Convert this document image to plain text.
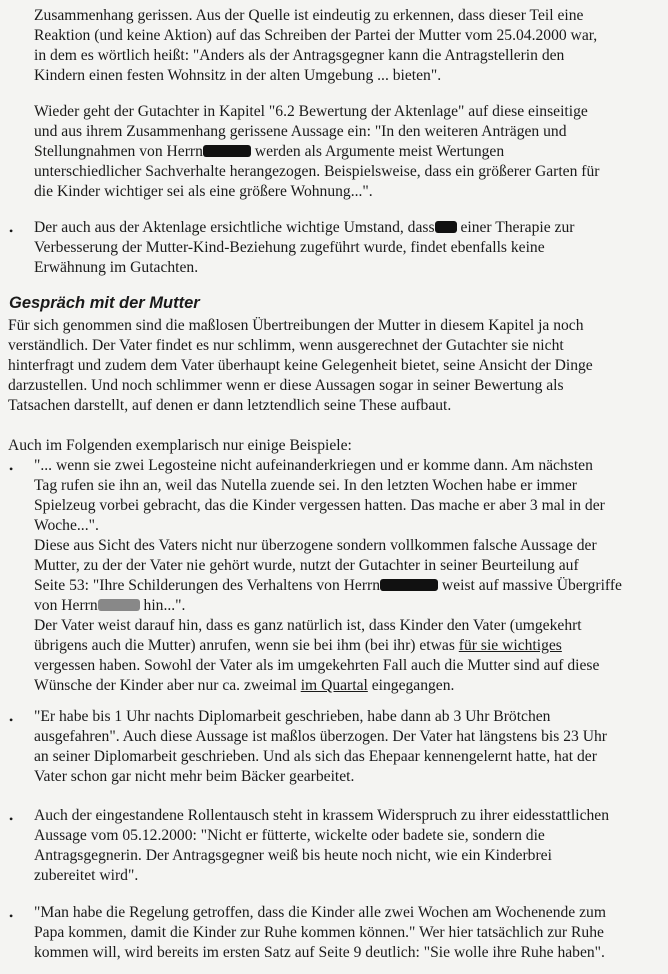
Zusammenhang gerissen. Aus der Quelle ist eindeutig zu erkennen, dass dieser Teil eine
Reaktion (und keine Aktion) auf das Schreiben der Partei der Mutter vom 25.04.2000 war,
in dem es wörtlich heißt: "Anders als der Antragsgegner kann die Antragstellerin den
Kindern einen festen Wohnsitz in der alten Umgebung ... bieten".

Wieder geht der Gutachter in Kapitel "6.2 Bewertung der Aktenlage" auf diese einseitige
und aus ihrem Zusammenhang gerissene Aussage ein: "In den weiteren Anträgen und
Stellungnahmen von Herrn	werden als Argumente meist Wertungen
unterschiedlicher Sachverhalte herangezogen. Beispielsweise, dass ein größerer Garten für
die Kinder wichtiger sei als eine größere Wohnung...".

• Der auch aus der Aktenlage ersichtliche wichtige Umstand, dass einer Therapie zur
Verbesserung der Mutter-Kind-Beziehung zugeführt wurde, findet ebenfalls keine
Erwähnung im Gutachten.

Gespräch mit der Mutter

Für sich genommen sind die maßlosen Übertreibungen der Mutter in diesem Kapitel ja noch
verständlich. Der Vater findet es nur schlimm, wenn ausgerechnet der Gutachter sie nicht
hinterfragt und zudem dem Vater überhaupt keine Gelegenheit bietet, seine Ansicht der Dinge
darzustellen. Und noch schlimmer wenn er diese Aussagen sogar in seiner Bewertung als
Tatsachen darstellt, auf denen er dann letztendlich seine These aufbaut.

Auch im Folgenden exemplarisch nur einige Beispiele:

• "... wenn sie zwei Legosteine nicht aufeinanderkriegen und er komme dann. Am nächsten
Tag rufen sie ihn an, weil das Nutella zuende sei. In den letzten Wochen habe er immer
Spielzeug vorbei gebracht, das die Kinder vergessen hatten. Das mache er aber 3 mal in der
Woche...".
Diese aus Sicht des Vaters nicht nur überzogene sondern vollkommen falsche Aussage der
Mutter, zu der der Vater nie gehört wurde, nutzt der Gutachter in seiner Beurteilung auf
Seite 53: "Ihre Schilderungen des Verhaltens von Herrn	weist auf massive Übergriffe
von Herrn	hin...".
Der Vater weist darauf hin, dass es ganz natürlich ist, dass Kinder den Vater (umgekehrt
übrigens auch die Mutter) anrufen, wenn sie bei ihm (bei ihr) etwas für sie wichtiges
vergessen haben. Sowohl der Vater als im umgekehrten Fall auch die Mutter sind auf diese
Wünsche der Kinder aber nur ca. zweimal im Quartal eingegangen.

• "Er habe bis 1 Uhr nachts Diplomarbeit geschrieben, habe dann ab 3 Uhr Brötchen
ausgefahren". Auch diese Aussage ist maßlos überzogen. Der Vater hat längstens bis 23 Uhr
an seiner Diplomarbeit geschrieben. Und als sich das Ehepaar kennengelernt hatte, hat der
Vater schon gar nicht mehr beim Bäcker gearbeitet.

• Auch der eingestandene Rollentausch steht in krassem Widerspruch zu ihrer eidesstattlichen
Aussage vom 05.12.2000: "Nicht er fütterte, wickelte oder badete sie, sondern die
Antragsgegnerin. Der Antragsgegner weiß bis heute noch nicht, wie ein Kinderbrei
zubereitet wird".

• "Man habe die Regelung getroffen, dass die Kinder alle zwei Wochen am Wochenende zum
Papa kommen, damit die Kinder zur Ruhe kommen können." Wer hier tatsächlich zur Ruhe
kommen will, wird bereits im ersten Satz auf Seite 9 deutlich: "Sie wolle ihre Ruhe haben".
